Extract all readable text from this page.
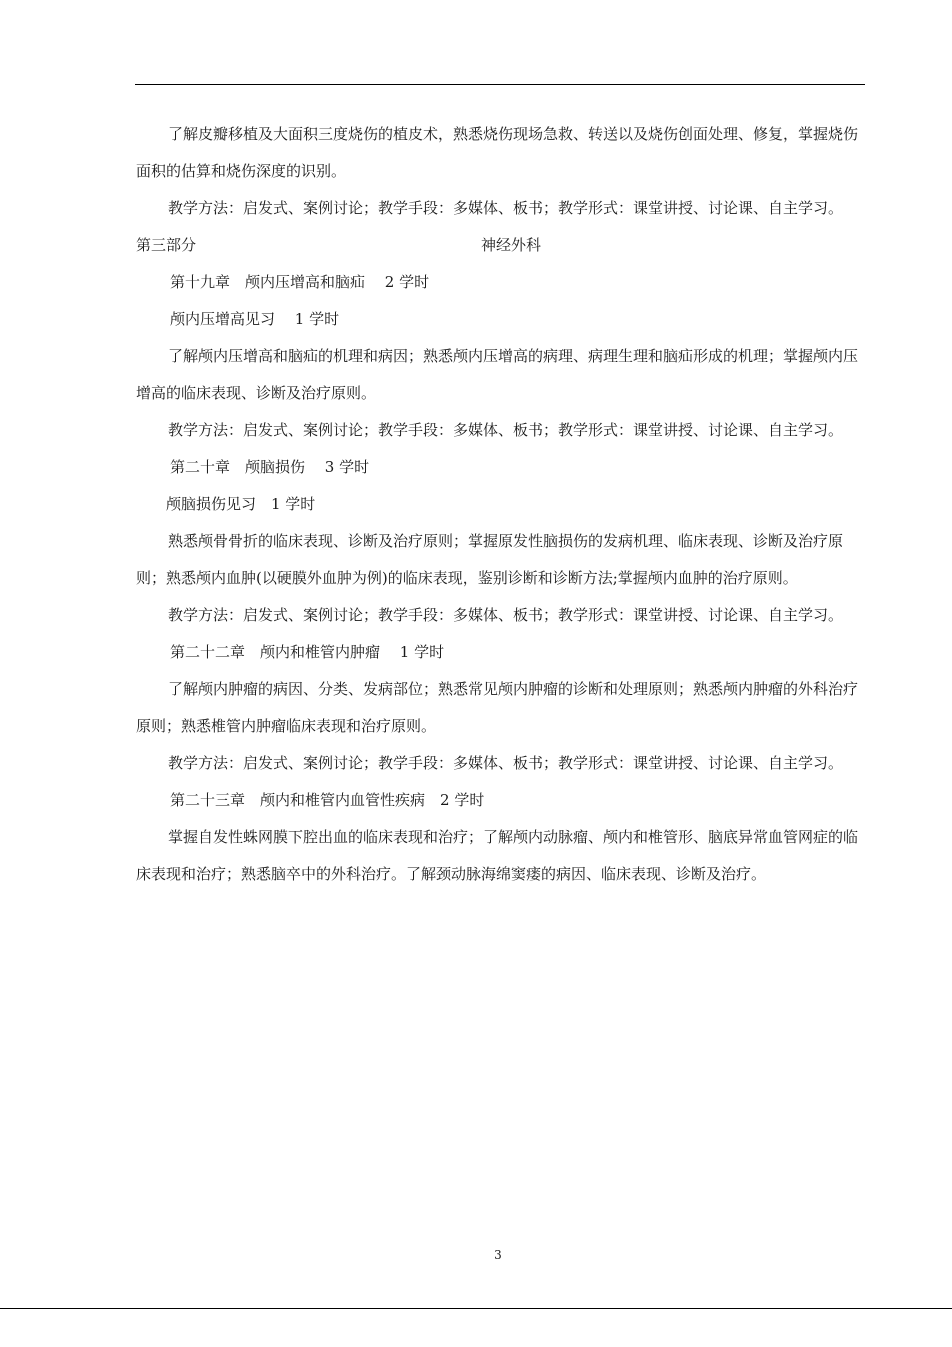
了解皮瓣移植及大面积三度烧伤的植皮术，熟悉烧伤现场急救、转送以及烧伤创面处理、修复，掌握烧伤面积的估算和烧伤深度的识别。

教学方法：启发式、案例讨论；教学手段：多媒体、板书；教学形式：课堂讲授、讨论课、自主学习。

第三部分	神经外科

第十九章　颅内压增高和脑疝　 2 学时

颅内压增高见习　 1 学时

了解颅内压增高和脑疝的机理和病因；熟悉颅内压增高的病理、病理生理和脑疝形成的机理；掌握颅内压增高的临床表现、诊断及治疗原则。

教学方法：启发式、案例讨论；教学手段：多媒体、板书；教学形式：课堂讲授、讨论课、自主学习。

第二十章　颅脑损伤　 3 学时

颅脑损伤见习　1 学时

熟悉颅骨骨折的临床表现、诊断及治疗原则；掌握原发性脑损伤的发病机理、临床表现、诊断及治疗原则；熟悉颅内血肿(以硬膜外血肿为例)的临床表现，鉴别诊断和诊断方法;掌握颅内血肿的治疗原则。

教学方法：启发式、案例讨论；教学手段：多媒体、板书；教学形式：课堂讲授、讨论课、自主学习。

第二十二章　颅内和椎管内肿瘤　 1 学时

了解颅内肿瘤的病因、分类、发病部位；熟悉常见颅内肿瘤的诊断和处理原则；熟悉颅内肿瘤的外科治疗原则；熟悉椎管内肿瘤临床表现和治疗原则。

教学方法：启发式、案例讨论；教学手段：多媒体、板书；教学形式：课堂讲授、讨论课、自主学习。

第二十三章　颅内和椎管内血管性疾病　2 学时

掌握自发性蛛网膜下腔出血的临床表现和治疗；了解颅内动脉瘤、颅内和椎管形、脑底异常血管网症的临床表现和治疗；熟悉脑卒中的外科治疗。了解颈动脉海绵窦瘘的病因、临床表现、诊断及治疗。

3
